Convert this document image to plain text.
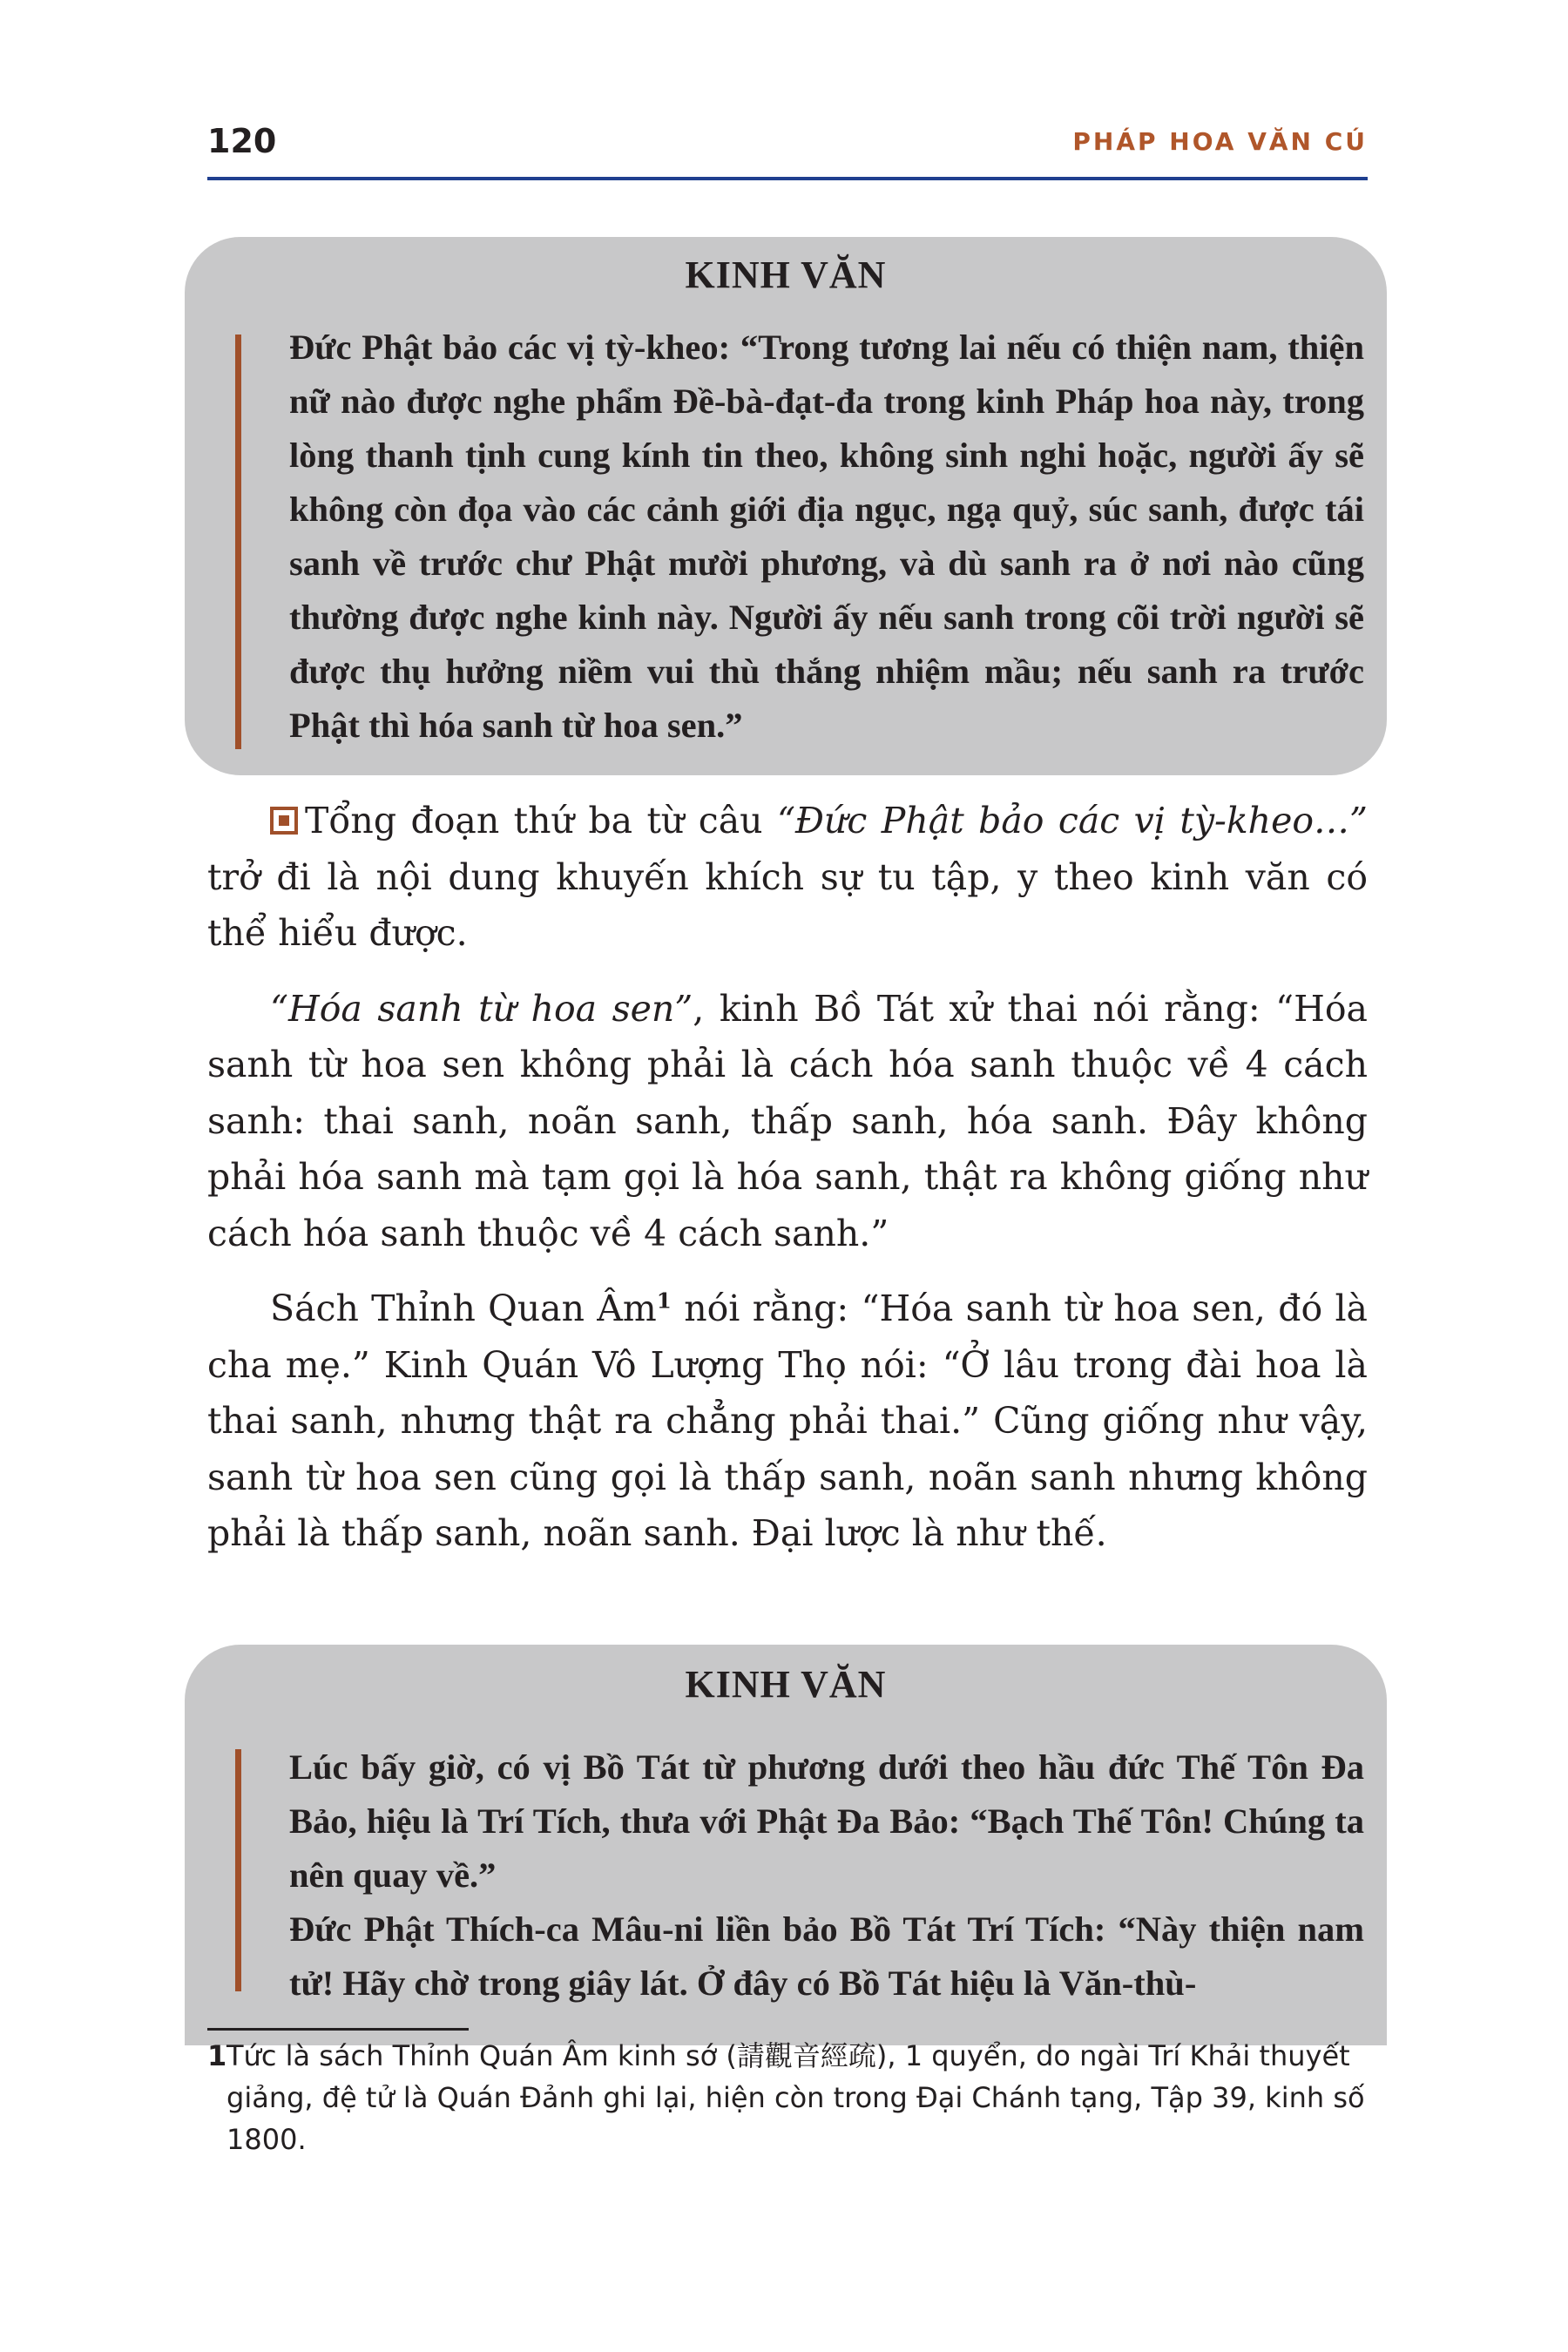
120	PHÁP HOA VĂN CÚ
KINH VĂN

Đức Phật bảo các vị tỳ-kheo: “Trong tương lai nếu có thiện nam, thiện nữ nào được nghe phẩm Đề-bà-đạt-đa trong kinh Pháp hoa này, trong lòng thanh tịnh cung kính tin theo, không sinh nghi hoặc, người ấy sẽ không còn đọa vào các cảnh giới địa ngục, ngạ quỷ, súc sanh, được tái sanh về trước chư Phật mười phương, và dù sanh ra ở nơi nào cũng thường được nghe kinh này. Người ấy nếu sanh trong cõi trời người sẽ được thụ hưởng niềm vui thù thắng nhiệm mầu; nếu sanh ra trước Phật thì hóa sanh từ hoa sen.”

Tổng đoạn thứ ba từ câu “Đức Phật bảo các vị tỳ-kheo…” trở đi là nội dung khuyến khích sự tu tập, y theo kinh văn có thể hiểu được.

“Hóa sanh từ hoa sen”, kinh Bồ Tát xử thai nói rằng: “Hóa sanh từ hoa sen không phải là cách hóa sanh thuộc về 4 cách sanh: thai sanh, noãn sanh, thấp sanh, hóa sanh. Đây không phải hóa sanh mà tạm gọi là hóa sanh, thật ra không giống như cách hóa sanh thuộc về 4 cách sanh.”

Sách Thỉnh Quan $Âm^1$ nói rằng: “Hóa sanh từ hoa sen, đó là cha mẹ.” Kinh Quán Vô Lượng Thọ nói: “Ở lâu trong đài hoa là thai sanh, nhưng thật ra chẳng phải thai.” Cũng giống như vậy, sanh từ hoa sen cũng gọi là thấp sanh, noãn sanh nhưng không phải là thấp sanh, noãn sanh. Đại lược là như thế.

KINH VĂN

Lúc bấy giờ, có vị Bồ Tát từ phương dưới theo hầu đức Thế Tôn Đa Bảo, hiệu là Trí Tích, thưa với Phật Đa Bảo: “Bạch Thế Tôn! Chúng ta nên quay về.”

Đức Phật Thích-ca Mâu-ni liền bảo Bồ Tát Trí Tích: “Này thiện nam tử! Hãy chờ trong giây lát. Ở đây có Bồ Tát hiệu là Văn-thù-

1 Tức là sách Thỉnh Quán Âm kinh sớ (請觀音經疏), 1 quyển, do ngài Trí Khải thuyết giảng, đệ tử là Quán Đảnh ghi lại, hiện còn trong Đại Chánh tạng, Tập 39, kinh số 1800.
